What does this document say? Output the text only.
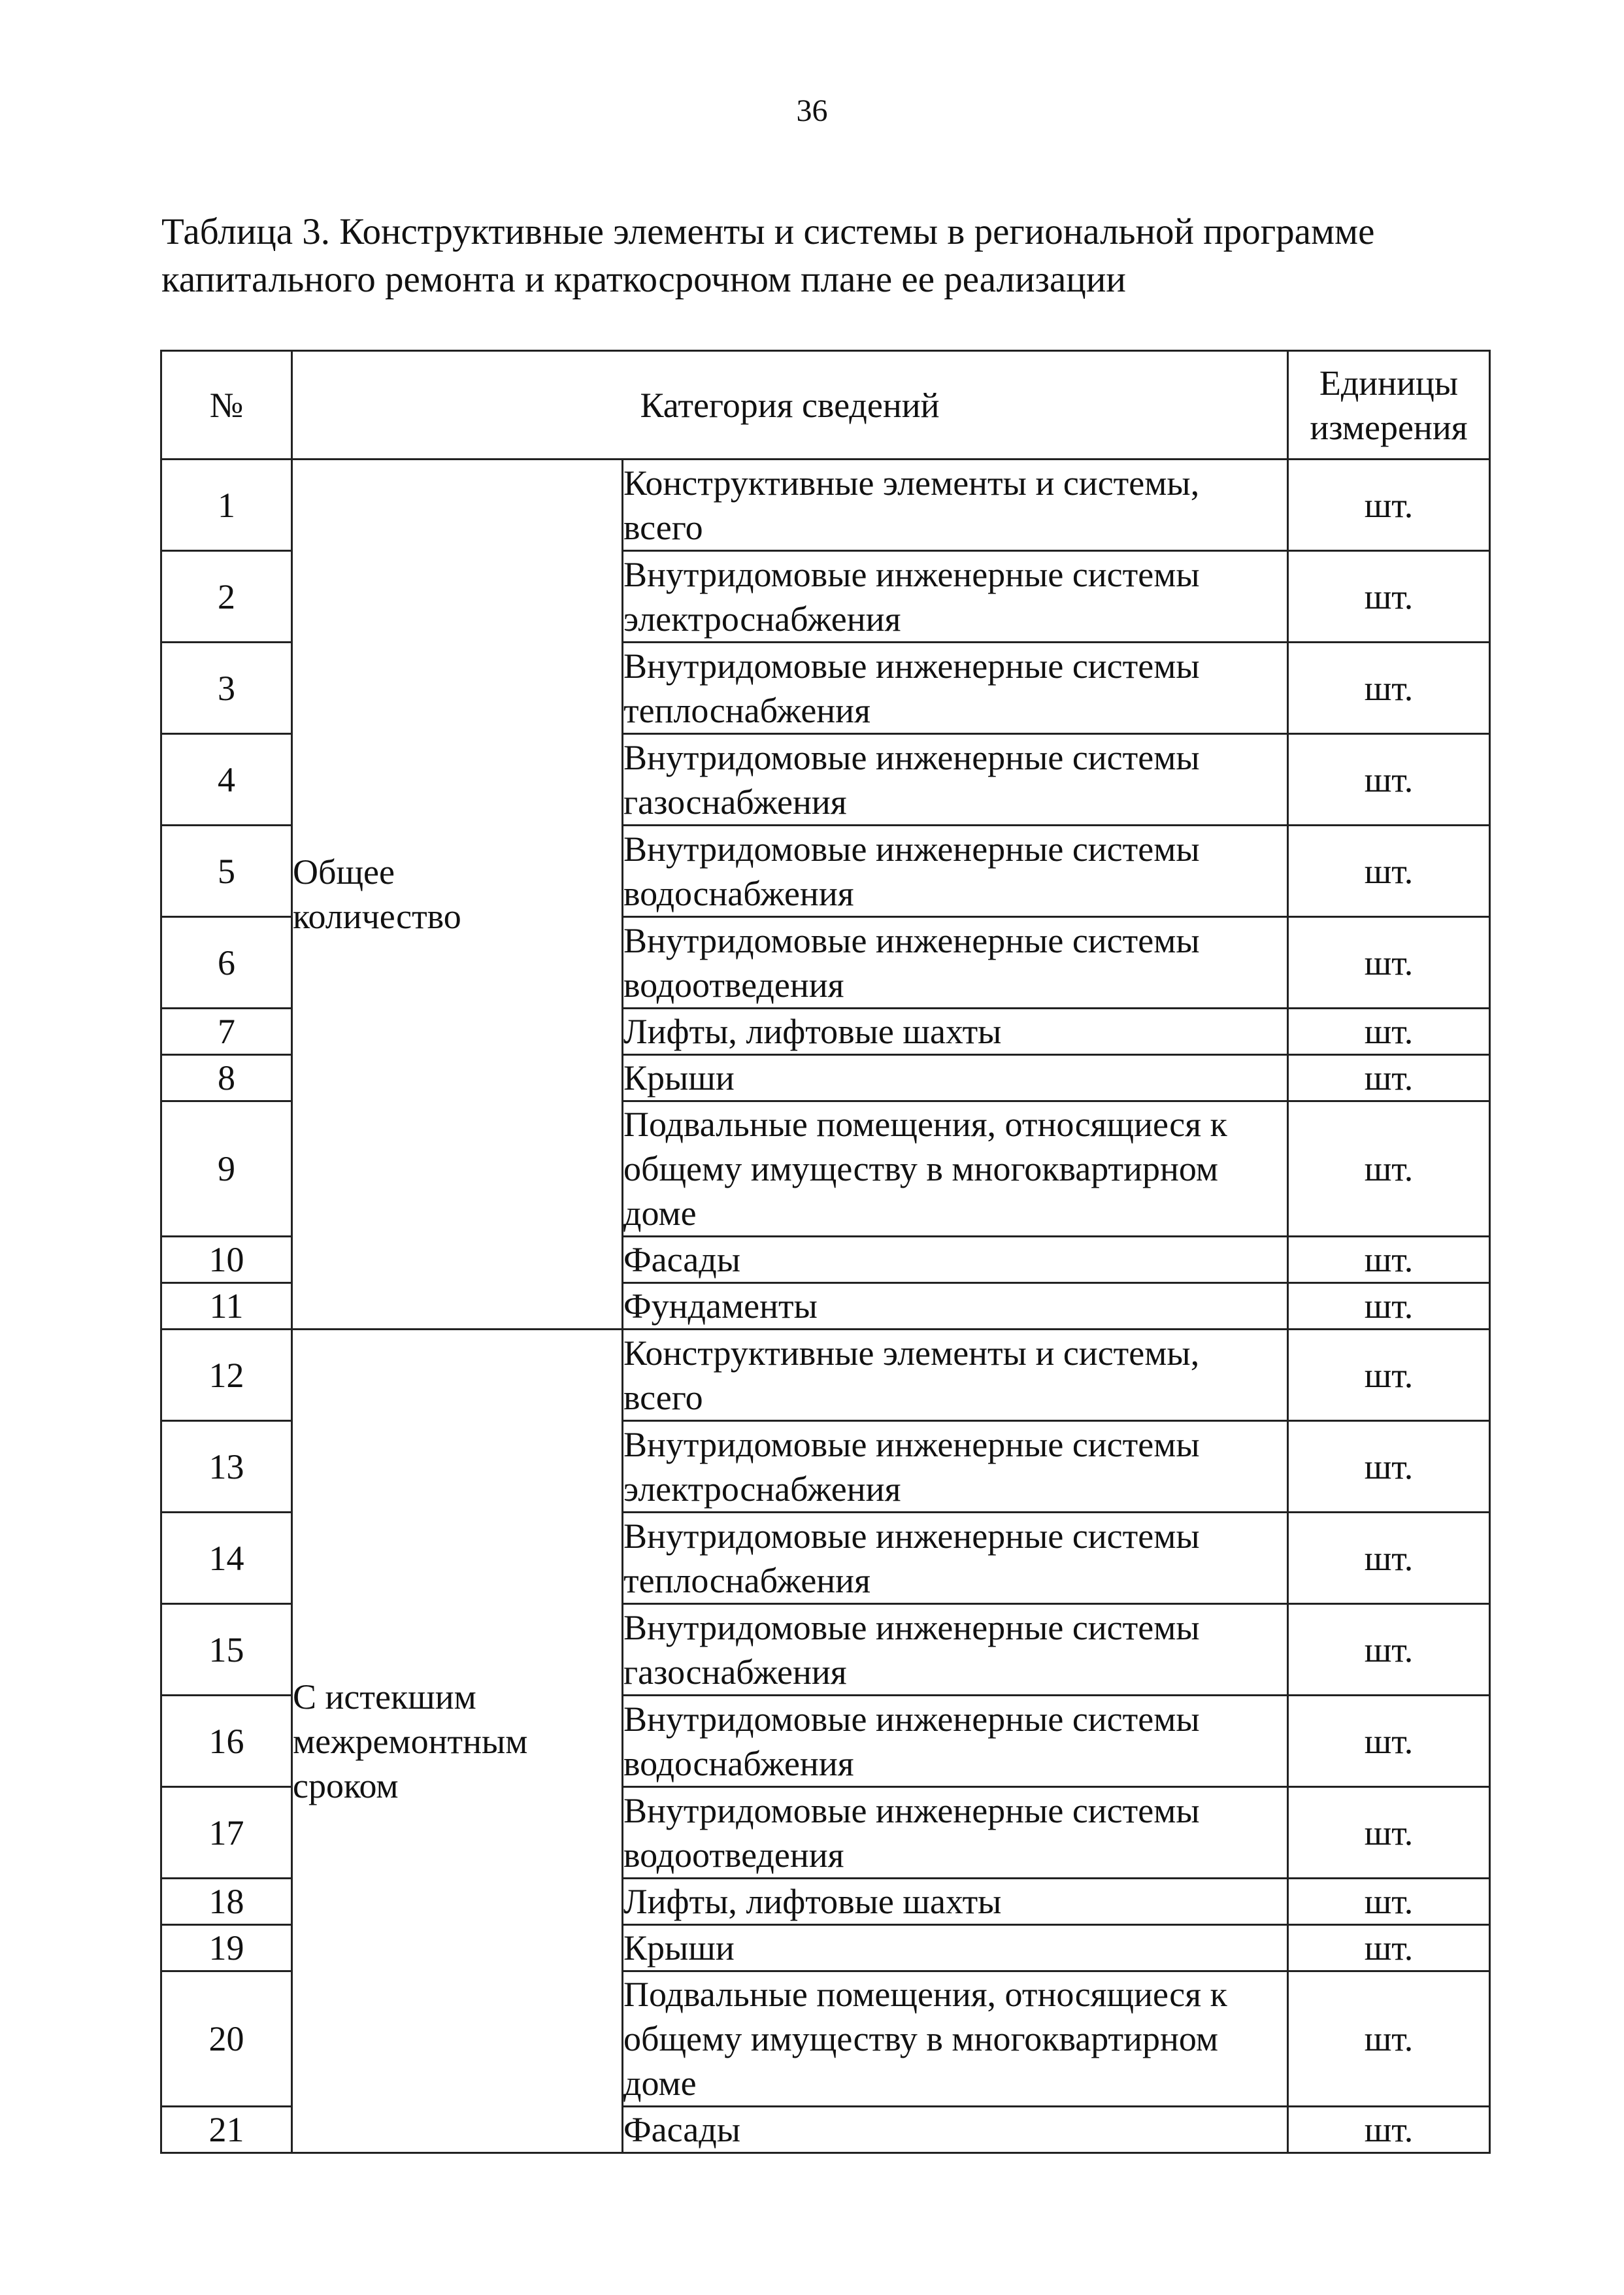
36
Таблица 3. Конструктивные элементы и системы в региональной программе капитального ремонта и краткосрочном плане ее реализации
№	Категория сведений		Единицы измерения
1	Общее количество	Конструктивные элементы и системы, всего	шт.
2		Внутридомовые инженерные системы электроснабжения	шт.
3		Внутридомовые инженерные системы теплоснабжения	шт.
4		Внутридомовые инженерные системы газоснабжения	шт.
5		Внутридомовые инженерные системы водоснабжения	шт.
6		Внутридомовые инженерные системы водоотведения	шт.
7		Лифты, лифтовые шахты	шт.
8		Крыши	шт.
9		Подвальные помещения, относящиеся к общему имуществу в многоквартирном доме	шт.
10		Фасады	шт.
11		Фундаменты	шт.
12	С истекшим межремонтным сроком	Конструктивные элементы и системы, всего	шт.
13		Внутридомовые инженерные системы электроснабжения	шт.
14		Внутридомовые инженерные системы теплоснабжения	шт.
15		Внутридомовые инженерные системы газоснабжения	шт.
16		Внутридомовые инженерные системы водоснабжения	шт.
17		Внутридомовые инженерные системы водоотведения	шт.
18		Лифты, лифтовые шахты	шт.
19		Крыши	шт.
20		Подвальные помещения, относящиеся к общему имуществу в многоквартирном доме	шт.
21		Фасады	шт.
